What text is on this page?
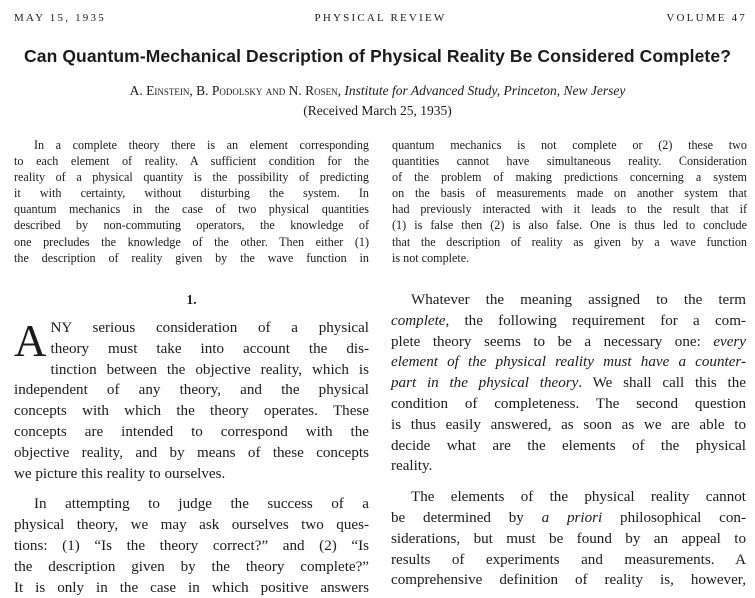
MAY 15, 1935	PHYSICAL REVIEW	VOLUME 47
Can Quantum-Mechanical Description of Physical Reality Be Considered Complete?
A. Einstein, B. Podolsky and N. Rosen, Institute for Advanced Study, Princeton, New Jersey
(Received March 25, 1935)

In a complete theory there is an element corresponding

to each element of reality. A sufficient condition for the

reality of a physical quantity is the possibility of predicting

it with certainty, without disturbing the system. In

quantum mechanics in the case of two physical quantities

described by non-commuting operators, the knowledge of

one precludes the knowledge of the other. Then either (1)

the description of reality given by the wave function in

quantum mechanics is not complete or (2) these two

quantities cannot have simultaneous reality. Consideration

of the problem of making predictions concerning a system

on the basis of measurements made on another system that

had previously interacted with it leads to the result that if

(1) is false then (2) is also false. One is thus led to conclude

that the description of reality as given by a wave function

is not complete.

1.
A NY serious consideration of a physical

theory must take into account the dis-

tinction between the objective reality, which is

independent of any theory, and the physical

concepts with which the theory operates. These

concepts are intended to correspond with the

objective reality, and by means of these concepts

we picture this reality to ourselves.

In attempting to judge the success of a

physical theory, we may ask ourselves two ques-

tions: (1) “Is the theory correct?” and (2) “Is

the description given by the theory complete?”

It is only in the case in which positive answers

Whatever the meaning assigned to the term

complete, the following requirement for a com-

plete theory seems to be a necessary one: every

element of the physical reality must have a counter-

part in the physical theory. We shall call this the

condition of completeness. The second question

is thus easily answered, as soon as we are able to

decide what are the elements of the physical

reality.

The elements of the physical reality cannot

be determined by a priori philosophical con-

siderations, but must be found by an appeal to

results of experiments and measurements. A

comprehensive definition of reality is, however,
